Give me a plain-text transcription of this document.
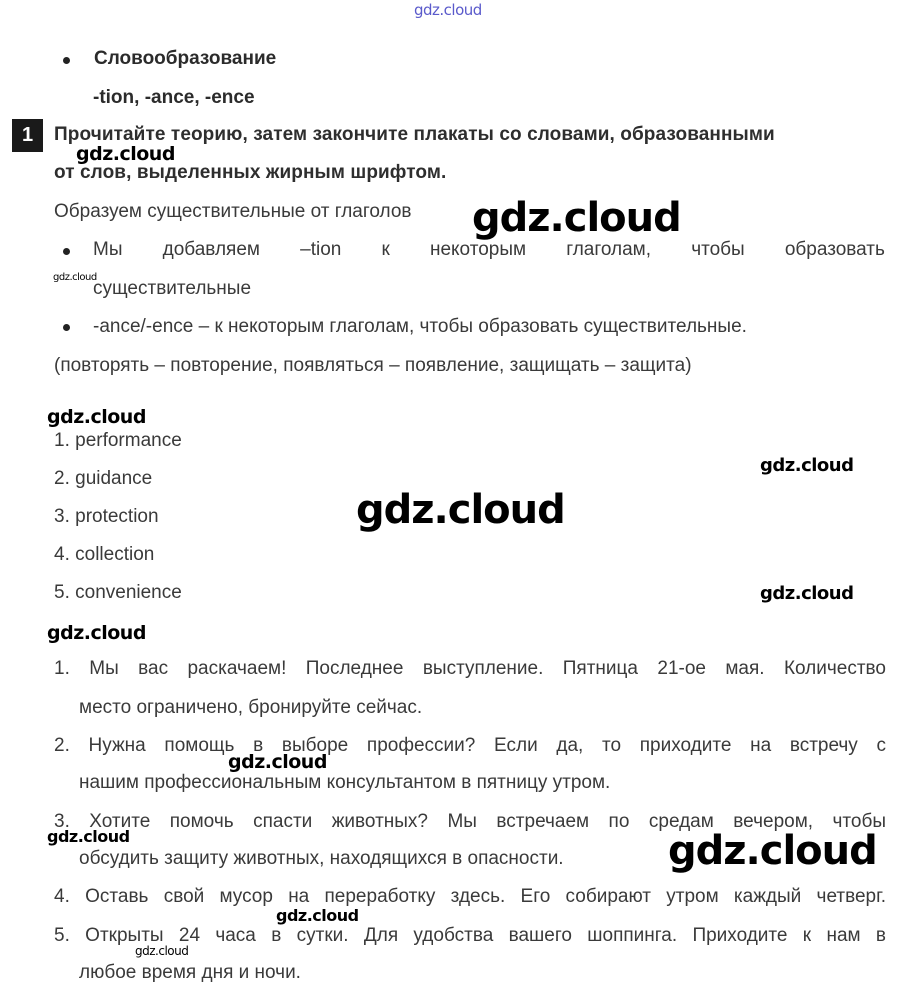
gdz.cloud
Словообразование
-tion, -ance, -ence
1 Прочитайте теорию, затем закончите плакаты со словами, образованными
gdz.cloud
от слов, выделенных жирным шрифтом.
Образуем существительные от глаголов gdz.cloud
Мы добавляем –tion к некоторым глаголам, чтобы образовать
gdz.cloud
существительные
-ance/-ence – к некоторым глаголам, чтобы образовать существительные.
(повторять – повторение, появляться – появление, защищать – защита)
gdz.cloud
1. performance
gdz.cloud
2. guidance
gdz.cloud
3. protection
4. collection
5. convenience	gdz.cloud
gdz.cloud
1. Мы вас раскачаем! Последнее выступление. Пятница 21-ое мая. Количество
место ограничено, бронируйте сейчас.
2. Нужна помощь в выборе профессии? Если да, то приходите на встречу с
gdz.cloud
нашим профессиональным консультантом в пятницу утром.
3. Хотите помочь спасти животных? Мы встречаем по средам вечером, чтобы
gdz.cloud
обсудить защиту животных, находящихся в опасности.	gdz.cloud
4. Оставь свой мусор на переработку здесь. Его собирают утром каждый четверг.
gdz.cloud
5. Открыты 24 часа в сутки. Для удобства вашего шоппинга. Приходите к нам в
gdz.cloud
любое время дня и ночи.
